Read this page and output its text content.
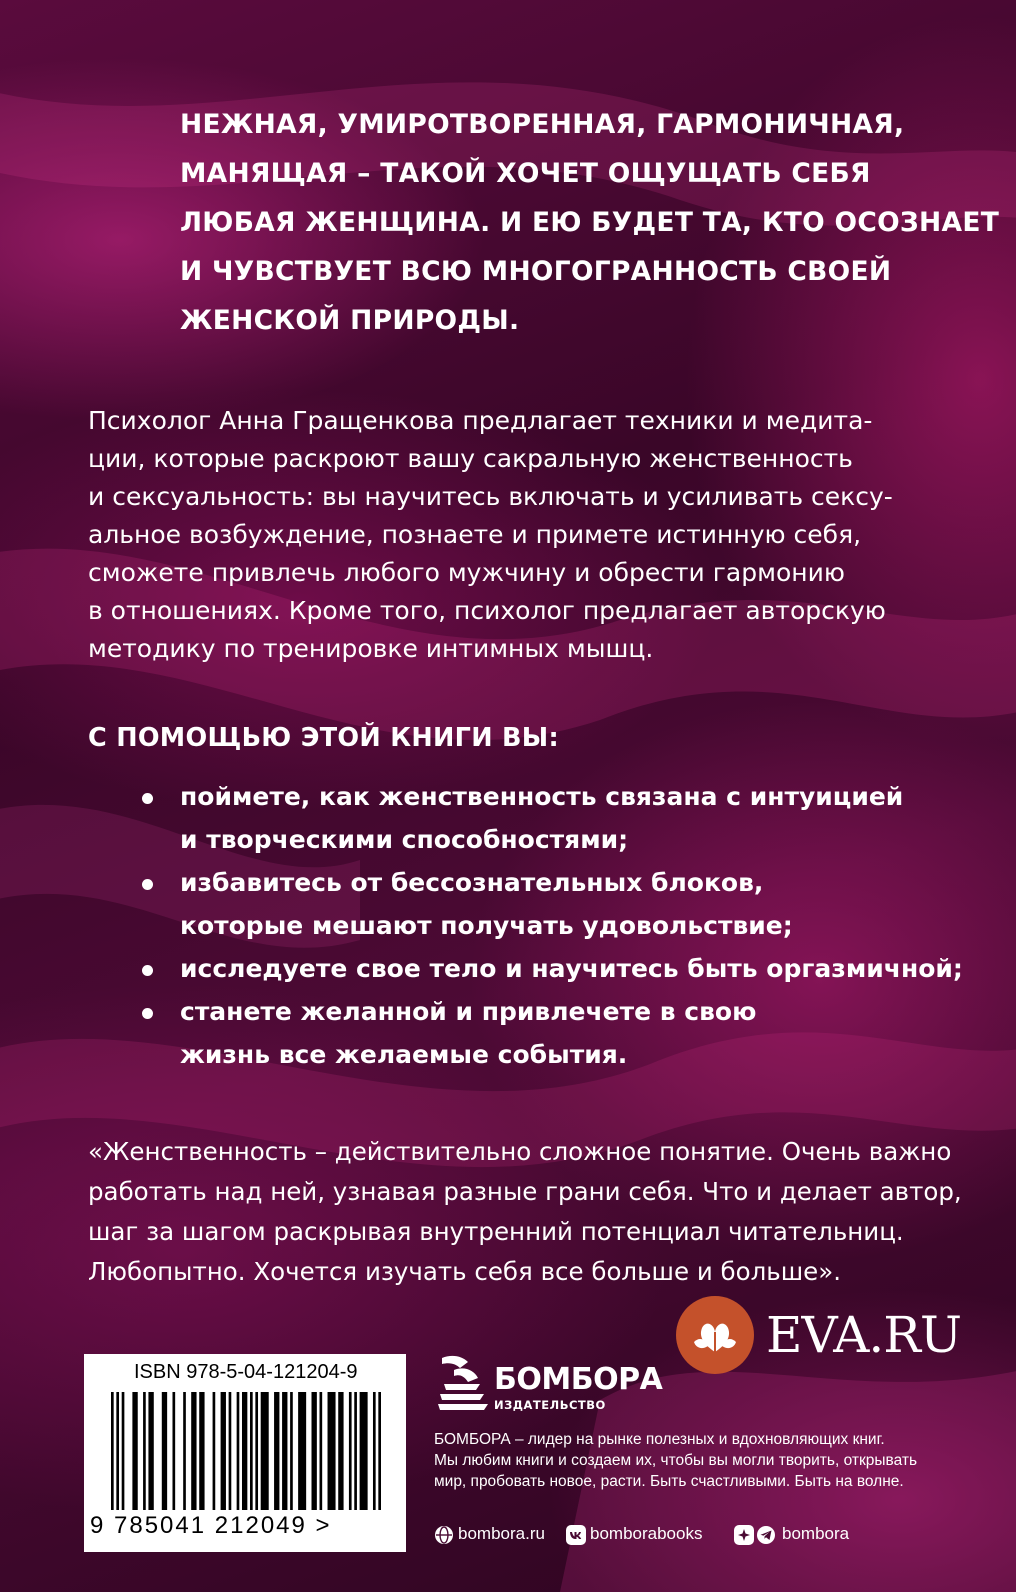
НЕЖНАЯ, УМИРОТВОРЕННАЯ, ГАРМОНИЧНАЯ,
МАНЯЩАЯ – ТАКОЙ ХОЧЕТ ОЩУЩАТЬ СЕБЯ
ЛЮБАЯ ЖЕНЩИНА. И ЕЮ БУДЕТ ТА, КТО ОСОЗНАЕТ
И ЧУВСТВУЕТ ВСЮ МНОГОГРАННОСТЬ СВОЕЙ
ЖЕНСКОЙ ПРИРОДЫ.
Психолог Анна Гращенкова предлагает техники и медита-
ции, которые раскроют вашу сакральную женственность
и сексуальность: вы научитесь включать и усиливать сексу-
альное возбуждение, познаете и примете истинную себя,
сможете привлечь любого мужчину и обрести гармонию
в отношениях. Кроме того, психолог предлагает авторскую
методику по тренировке интимных мышц.
С ПОМОЩЬЮ ЭТОЙ КНИГИ ВЫ:
поймете, как женственность связана с интуицией
и творческими способностями;
избавитесь от бессознательных блоков,
которые мешают получать удовольствие;
исследуете свое тело и научитесь быть оргазмичной;
станете желанной и привлечете в свою
жизнь все желаемые события.
«Женственность – действительно сложное понятие. Очень важно
работать над ней, узнавая разные грани себя. Что и делает автор,
шаг за шагом раскрывая внутренний потенциал читательниц.
Любопытно. Хочется изучать себя все больше и больше».
EVA.RU
ISBN 978-5-04-121204-9
9 785041 212049 >
БОМБОРА
ИЗДАТЕЛЬСТВО
БОМБОРА – лидер на рынке полезных и вдохновляющих книг.
Мы любим книги и создаем их, чтобы вы могли творить, открывать
мир, пробовать новое, расти. Быть счастливыми. Быть на волне.
bombora.ru	bomborabooks	bombora
